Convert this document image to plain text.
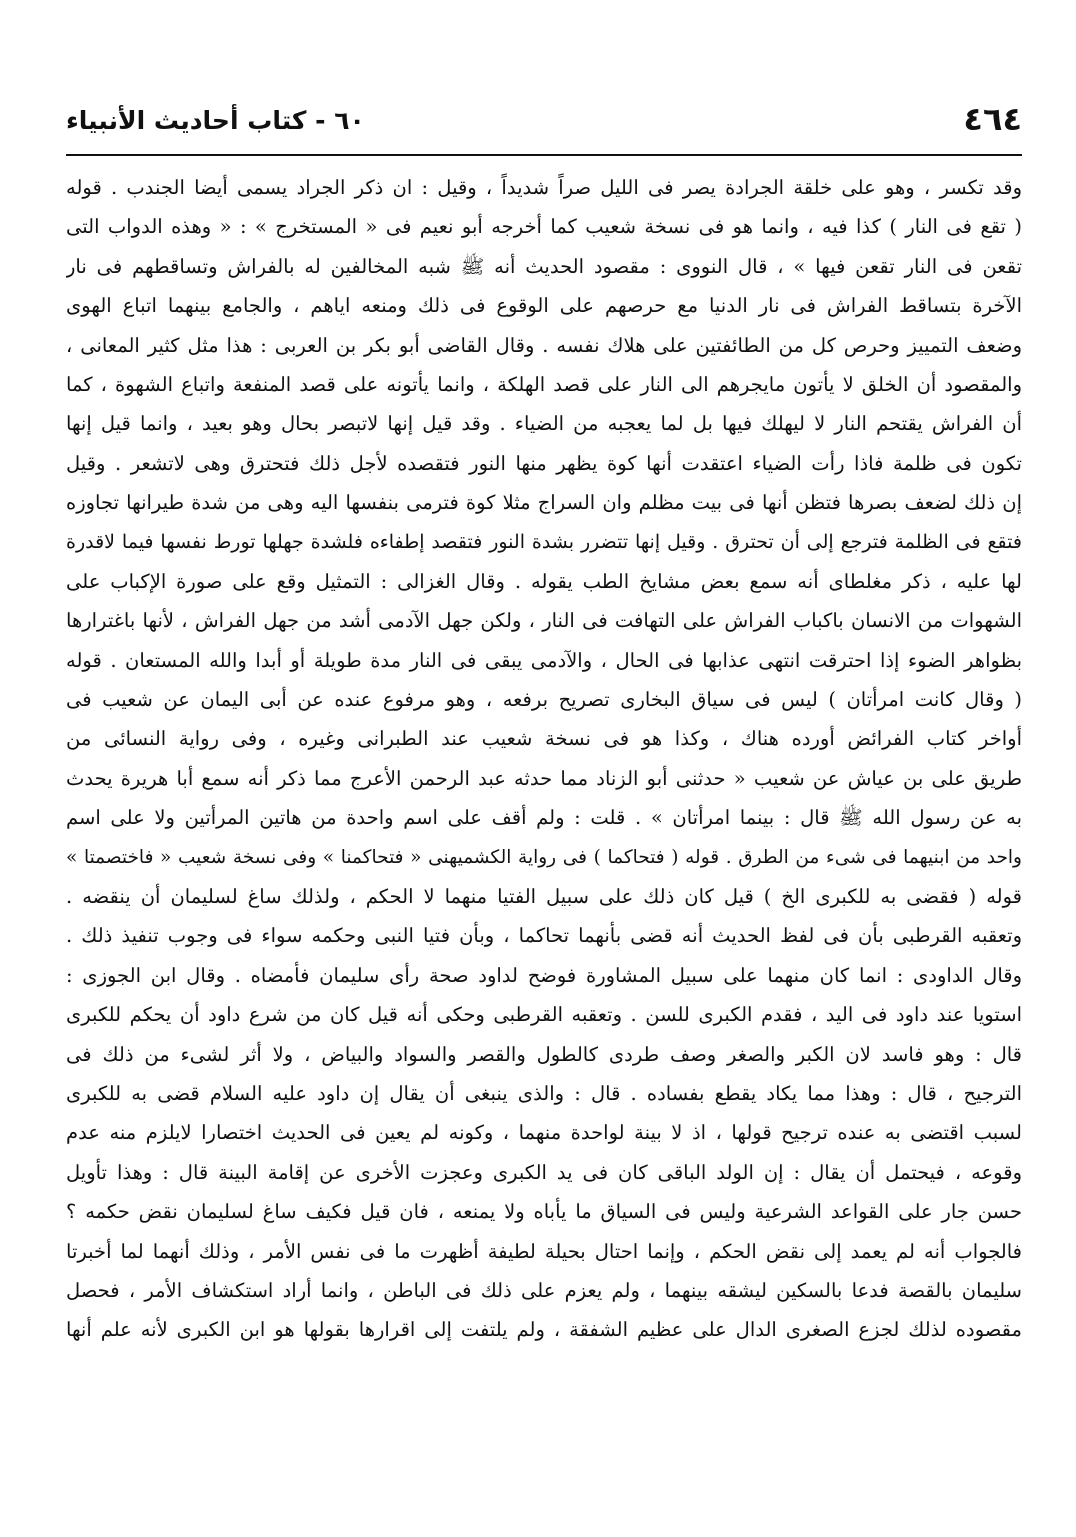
٦٠ - كتاب أحاديث الأنبياء	٤٦٤
وقد تكسر ، وهو على خلقة الجرادة يصر فى الليل صراً شديداً ، وقيل : ان ذكر الجراد يسمى أيضا الجندب . قوله
( تقع فى النار ) كذا فيه ، وانما هو فى نسخة شعيب كما أخرجه أبو نعيم فى « المستخرج » : « وهذه الدواب التى
تقعن فى النار تقعن فيها » ، قال النووى : مقصود الحديث أنه ﷺ شبه المخالفين له بالفراش وتساقطهم فى نار
الآخرة بتساقط الفراش فى نار الدنيا مع حرصهم على الوقوع فى ذلك ومنعه اياهم ، والجامع بينهما اتباع الهوى
وضعف التمييز وحرص كل من الطائفتين على هلاك نفسه . وقال القاضى أبو بكر بن العربى : هذا مثل كثير المعانى ،
والمقصود أن الخلق لا يأتون مايجرهم الى النار على قصد الهلكة ، وانما يأتونه على قصد المنفعة واتباع الشهوة ، كما
أن الفراش يقتحم النار لا ليهلك فيها بل لما يعجبه من الضياء . وقد قيل إنها لاتبصر بحال وهو بعيد ، وانما قيل إنها
تكون فى ظلمة فاذا رأت الضياء اعتقدت أنها كوة يظهر منها النور فتقصده لأجل ذلك فتحترق وهى لاتشعر . وقيل
إن ذلك لضعف بصرها فتظن أنها فى بيت مظلم وان السراج مثلا كوة فترمى بنفسها اليه وهى من شدة طيرانها تجاوزه
فتقع فى الظلمة فترجع إلى أن تحترق . وقيل إنها تتضرر بشدة النور فتقصد إطفاءه فلشدة جهلها تورط نفسها فيما لاقدرة
لها عليه ، ذكر مغلطاى أنه سمع بعض مشايخ الطب يقوله . وقال الغزالى : التمثيل وقع على صورة الإكباب على
الشهوات من الانسان باكباب الفراش على التهافت فى النار ، ولكن جهل الآدمى أشد من جهل الفراش ، لأنها باغترارها
بظواهر الضوء إذا احترقت انتهى عذابها فى الحال ، والآدمى يبقى فى النار مدة طويلة أو أبدا والله المستعان . قوله
( وقال كانت امرأتان ) ليس فى سياق البخارى تصريح برفعه ، وهو مرفوع عنده عن أبى اليمان عن شعيب فى
أواخر كتاب الفرائض أورده هناك ، وكذا هو فى نسخة شعيب عند الطبرانى وغيره ، وفى رواية النسائى من
طريق على بن عياش عن شعيب « حدثنى أبو الزناد مما حدثه عبد الرحمن الأعرج مما ذكر أنه سمع أبا هريرة يحدث
به عن رسول الله ﷺ قال : بينما امرأتان » . قلت : ولم أقف على اسم واحدة من هاتين المرأتين ولا على اسم
واحد من ابنيهما فى شىء من الطرق . قوله ( فتحاكما ) فى رواية الكشميهنى « فتحاكمنا » وفى نسخة شعيب « فاختصمتا »
قوله ( فقضى به للكبرى الخ ) قيل كان ذلك على سبيل الفتيا منهما لا الحكم ، ولذلك ساغ لسليمان أن ينقضه .
وتعقبه القرطبى بأن فى لفظ الحديث أنه قضى بأنهما تحاكما ، وبأن فتيا النبى وحكمه سواء فى وجوب تنفيذ ذلك .
وقال الداودى : انما كان منهما على سبيل المشاورة فوضح لداود صحة رأى سليمان فأمضاه . وقال ابن الجوزى :
استويا عند داود فى اليد ، فقدم الكبرى للسن . وتعقبه القرطبى وحكى أنه قيل كان من شرع داود أن يحكم للكبرى
قال : وهو فاسد لان الكبر والصغر وصف طردى كالطول والقصر والسواد والبياض ، ولا أثر لشىء من ذلك فى
الترجيح ، قال : وهذا مما يكاد يقطع بفساده . قال : والذى ينبغى أن يقال إن داود عليه السلام قضى به للكبرى
لسبب اقتضى به عنده ترجيح قولها ، اذ لا بينة لواحدة منهما ، وكونه لم يعين فى الحديث اختصارا لايلزم منه عدم
وقوعه ، فيحتمل أن يقال : إن الولد الباقى كان فى يد الكبرى وعجزت الأخرى عن إقامة البينة قال : وهذا تأويل
حسن جار على القواعد الشرعية وليس فى السياق ما يأباه ولا يمنعه ، فان قيل فكيف ساغ لسليمان نقض حكمه ؟
فالجواب أنه لم يعمد إلى نقض الحكم ، وإنما احتال بحيلة لطيفة أظهرت ما فى نفس الأمر ، وذلك أنهما لما أخبرتا
سليمان بالقصة فدعا بالسكين ليشقه بينهما ، ولم يعزم على ذلك فى الباطن ، وانما أراد استكشاف الأمر ، فحصل
مقصوده لذلك لجزع الصغرى الدال على عظيم الشفقة ، ولم يلتفت إلى اقرارها بقولها هو ابن الكبرى لأنه علم أنها
